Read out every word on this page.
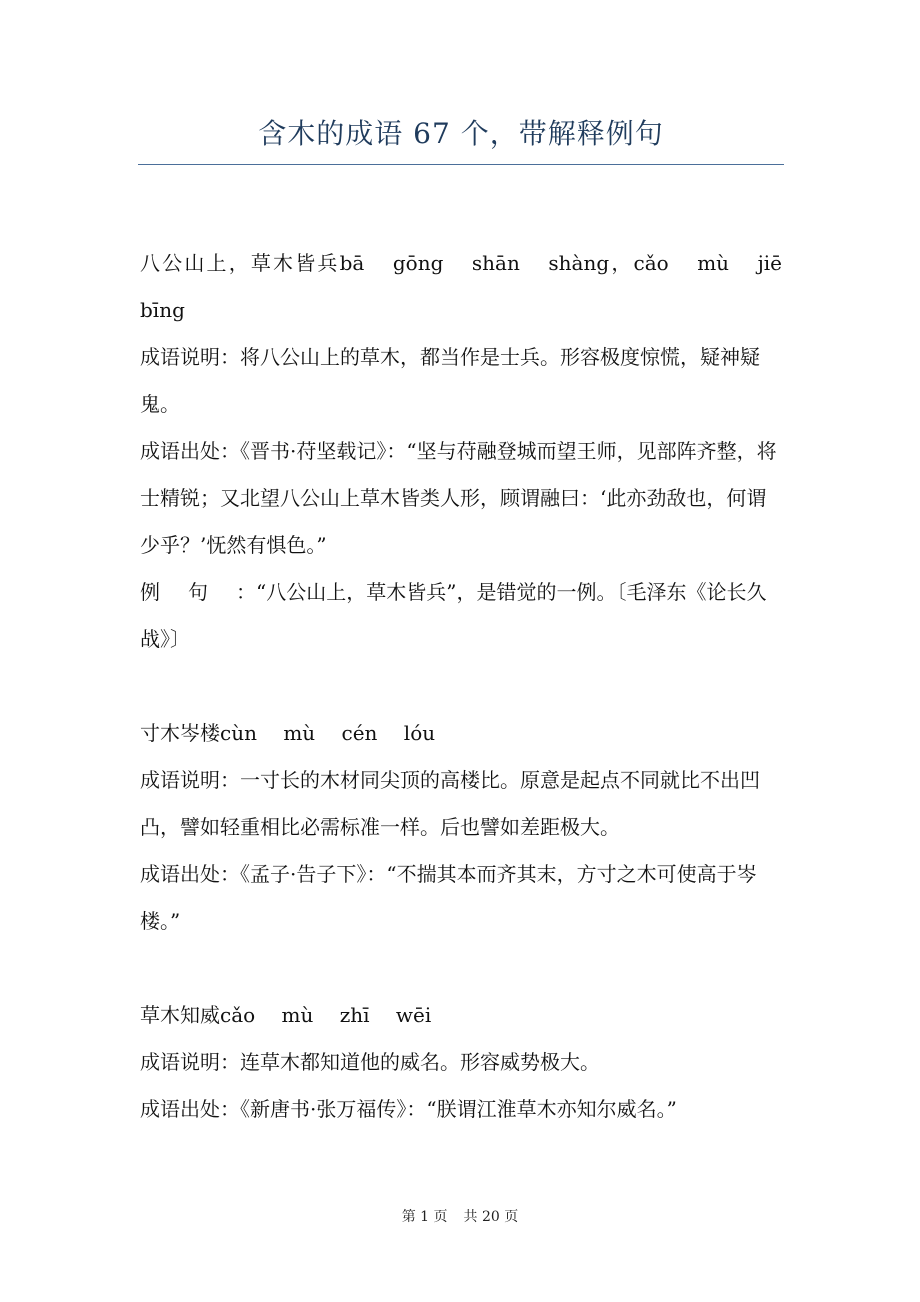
含木的成语 67 个，带解释例句

八公山上，草木皆兵bā gōng shān shàng，cǎo mù jiē bīng

成语说明：将八公山上的草木，都当作是士兵。形容极度惊慌，疑神疑鬼。

成语出处：《晋书·苻坚载记》：“坚与苻融登城而望王师，见部阵齐整，将士精锐；又北望八公山上草木皆类人形，顾谓融曰：‘此亦劲敌也，何谓少乎？’怃然有惧色。”

例句：“八公山上，草木皆兵”，是错觉的一例。〔毛泽东《论长久战》〕

寸木岑楼cùn mù cén lóu

成语说明：一寸长的木材同尖顶的高楼比。原意是起点不同就比不出凹凸，譬如轻重相比必需标准一样。后也譬如差距极大。

成语出处：《孟子·告子下》：“不揣其本而齐其末，方寸之木可使高于岑楼。”

草木知威cǎo mù zhī wēi

成语说明：连草木都知道他的威名。形容威势极大。

成语出处：《新唐书·张万福传》：“朕谓江淮草木亦知尔威名。”

第 1 页 共 20 页
